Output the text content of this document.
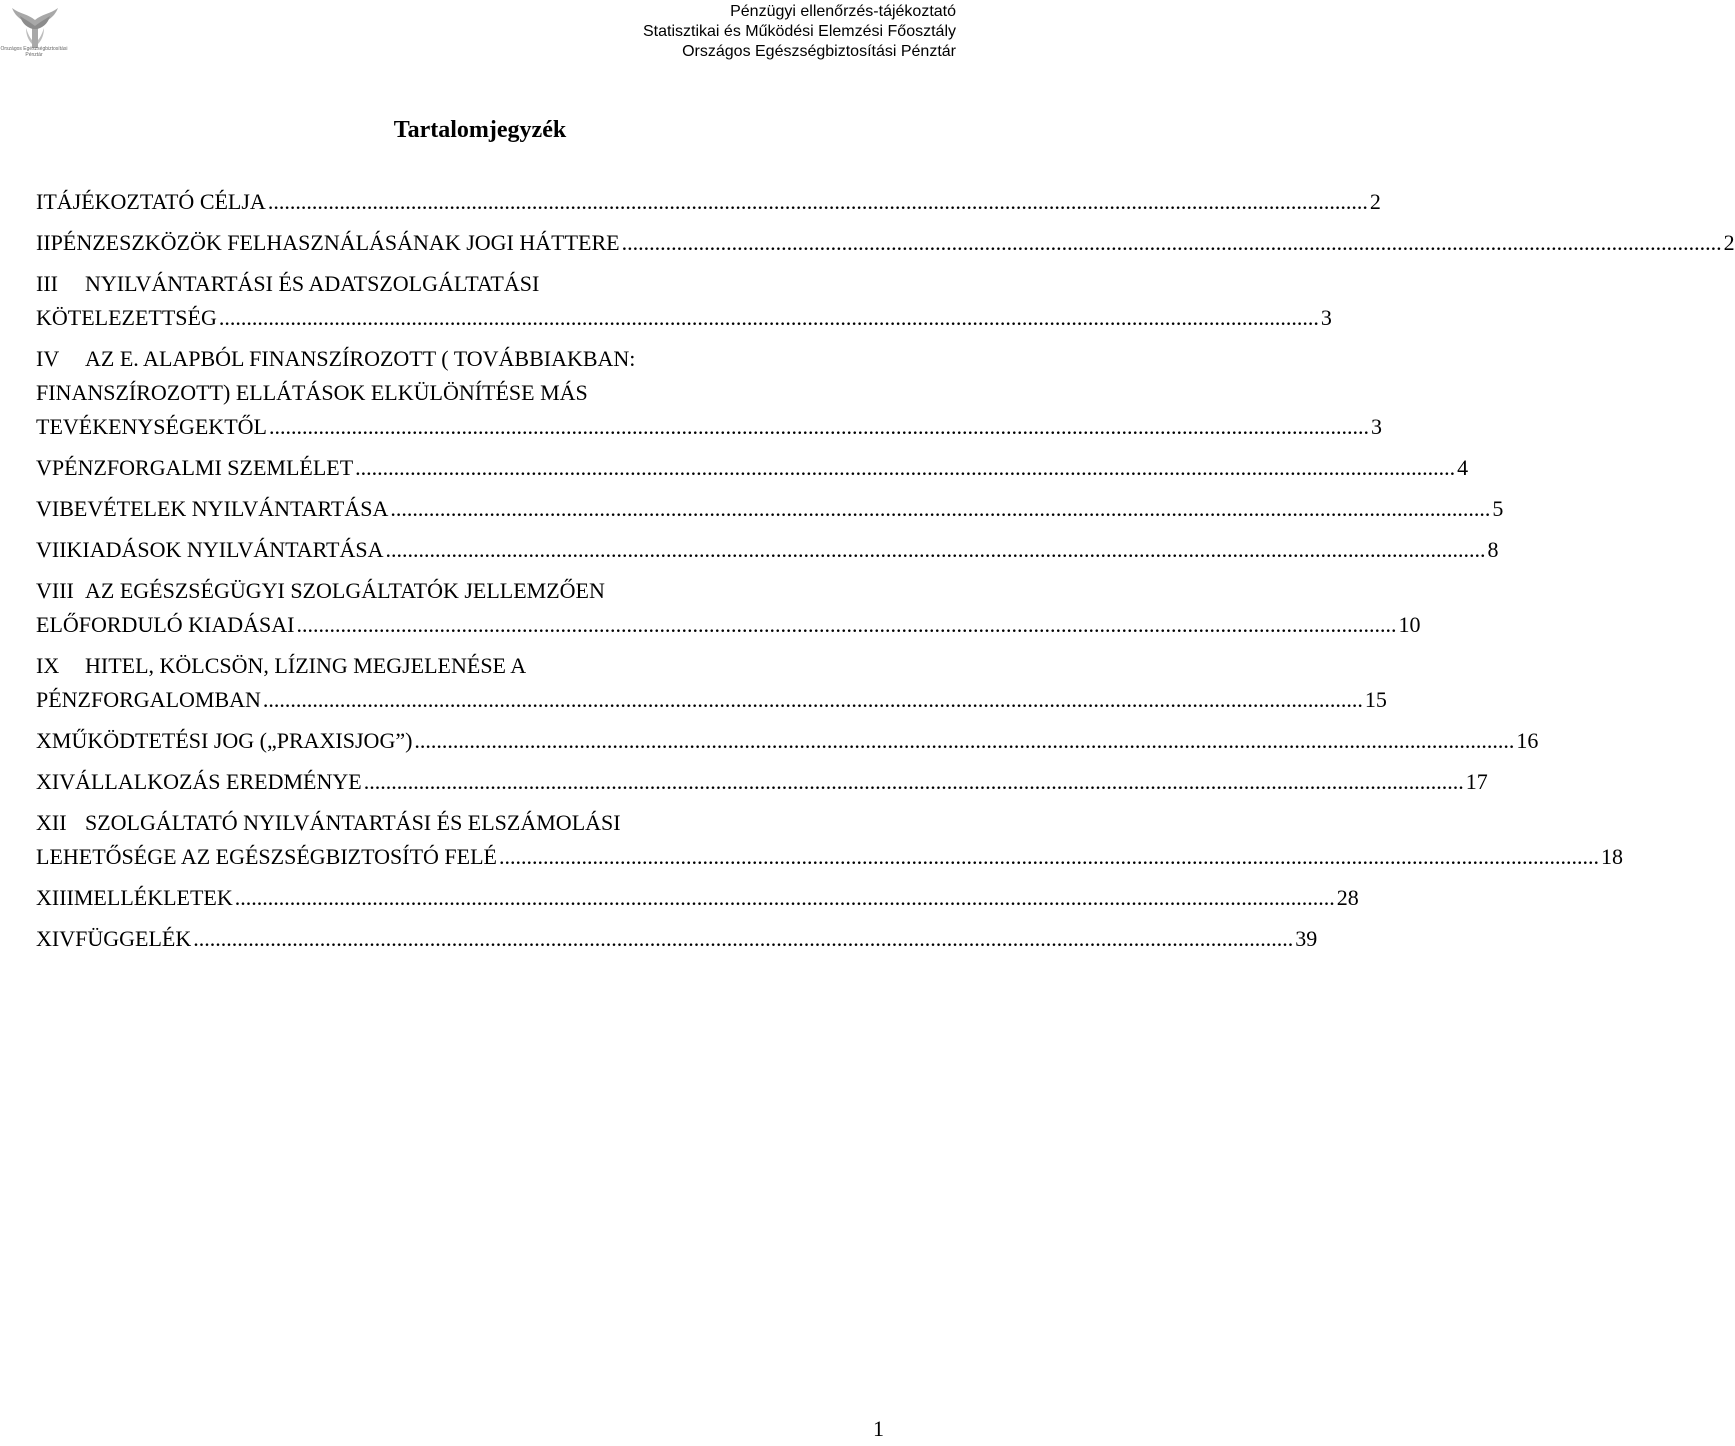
Országos Egészségbiztosítási Pénztár
Pénzügyi ellenőrzés-tájékoztató
Statisztikai és Működési Elemzési Főosztály
Országos Egészségbiztosítási Pénztár
Tartalomjegyzék
I TÁJÉKOZTATÓ CÉLJA ........................................................................................................................................................................................................ 2
II PÉNZESZKÖZÖK FELHASZNÁLÁSÁNAK JOGI HÁTTERE ........................................................................................................................................................................................................ 2
III	NYILVÁNTARTÁSI ÉS ADATSZOLGÁLTATÁSI
KÖTELEZETTSÉG ........................................................................................................................................................................................................ 3
IV	AZ E. ALAPBÓL FINANSZÍROZOTT ( TOVÁBBIAKBAN:
FINANSZÍROZOTT) ELLÁTÁSOK ELKÜLÖNÍTÉSE MÁS
TEVÉKENYSÉGEKTŐL ........................................................................................................................................................................................................ 3
V PÉNZFORGALMI SZEMLÉLET ........................................................................................................................................................................................................ 4
VI BEVÉTELEK NYILVÁNTARTÁSA ........................................................................................................................................................................................................ 5
VII KIADÁSOK NYILVÁNTARTÁSA ........................................................................................................................................................................................................ 8
VIII AZ EGÉSZSÉGÜGYI SZOLGÁLTATÓK JELLEMZŐEN
ELŐFORDULÓ KIADÁSAI ........................................................................................................................................................................................................ 10
IX	HITEL, KÖLCSÖN, LÍZING MEGJELENÉSE A
PÉNZFORGALOMBAN ........................................................................................................................................................................................................ 15
X MŰKÖDTETÉSI JOG („PRAXISJOG”) ........................................................................................................................................................................................................ 16
XI VÁLLALKOZÁS EREDMÉNYE ........................................................................................................................................................................................................ 17
XII SZOLGÁLTATÓ NYILVÁNTARTÁSI ÉS ELSZÁMOLÁSI
LEHETŐSÉGE AZ EGÉSZSÉGBIZTOSÍTÓ FELÉ ........................................................................................................................................................................................................ 18
XIII MELLÉKLETEK ........................................................................................................................................................................................................ 28
XIV FÜGGELÉK ........................................................................................................................................................................................................ 39
1
